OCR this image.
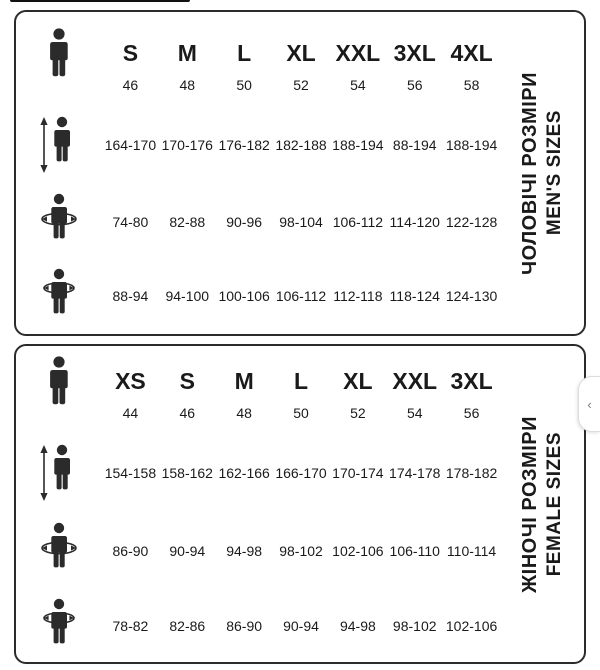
S	M	L	XL XXL 3XL 4XL
46	48	50	52	54	56	58
164-170 170-176 176-182 182-188 188-194 88-194 188-194
74-80	82-88	90-96	98-104 106-112 114-120 122-128
88-94	94-100 100-106 106-112 112-118 118-124 124-130
ЧОЛОВІЧІ РОЗМІРИ MEN'S SIZES
XS	S	M	L	XL XXL 3XL
44	46	48	50	52	54	56
154-158 158-162 162-166 166-170 170-174 174-178 178-182
86-90	90-94	94-98	98-102 102-106 106-110 110-114
78-82	82-86	86-90	90-94	94-98	98-102 102-106
ЖІНОЧІ РОЗМІРИ FEMALE SIZES
‹
